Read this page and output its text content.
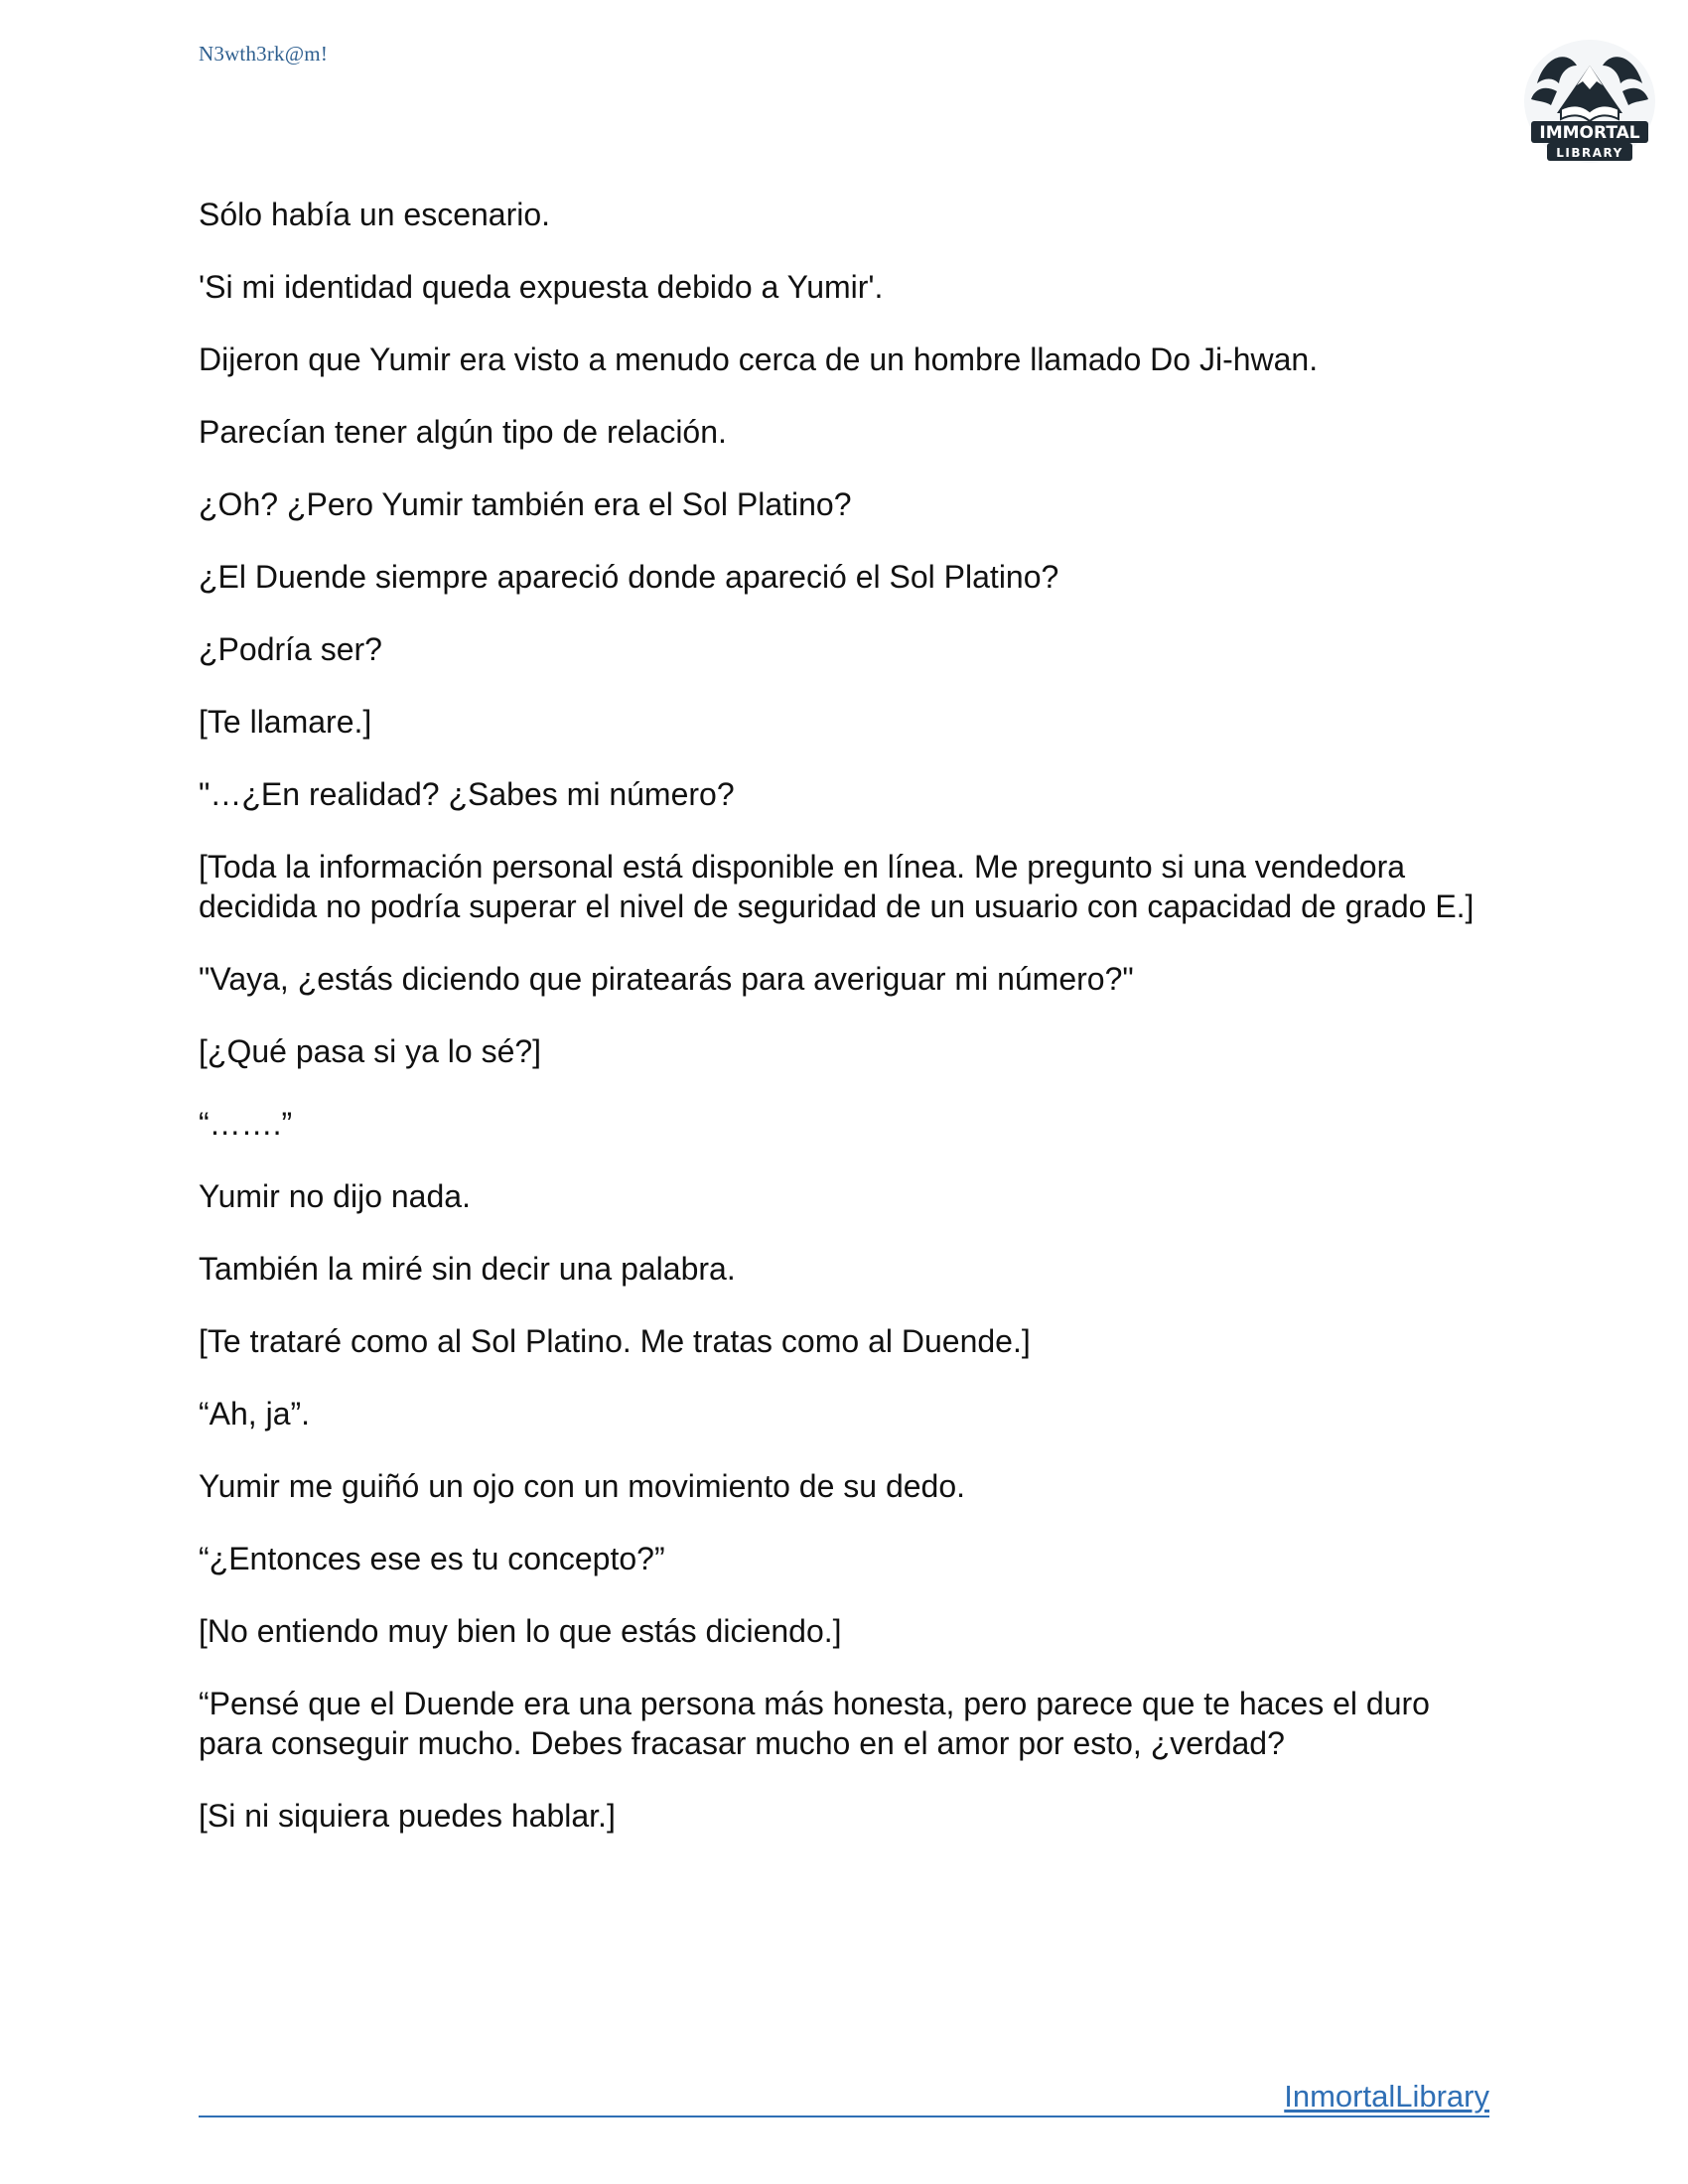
N3wth3rk@m!
IMMORTAL
LIBRARY

Sólo había un escenario.

'Si mi identidad queda expuesta debido a Yumir'.

Dijeron que Yumir era visto a menudo cerca de un hombre llamado Do Ji-hwan.

Parecían tener algún tipo de relación.

¿Oh? ¿Pero Yumir también era el Sol Platino?

¿El Duende siempre apareció donde apareció el Sol Platino?

¿Podría ser?

[Te llamare.]

"…¿En realidad? ¿Sabes mi número?

[Toda la información personal está disponible en línea. Me pregunto si una vendedora decidida no podría superar el nivel de seguridad de un usuario con capacidad de grado E.]

"Vaya, ¿estás diciendo que piratearás para averiguar mi número?"

[¿Qué pasa si ya lo sé?]

“…….”

Yumir no dijo nada.

También la miré sin decir una palabra.

[Te trataré como al Sol Platino. Me tratas como al Duende.]

“Ah, ja”.

Yumir me guiñó un ojo con un movimiento de su dedo.

“¿Entonces ese es tu concepto?”

[No entiendo muy bien lo que estás diciendo.]

“Pensé que el Duende era una persona más honesta, pero parece que te haces el duro para conseguir mucho. Debes fracasar mucho en el amor por esto, ¿verdad?

[Si ni siquiera puedes hablar.]

InmortalLibrary
